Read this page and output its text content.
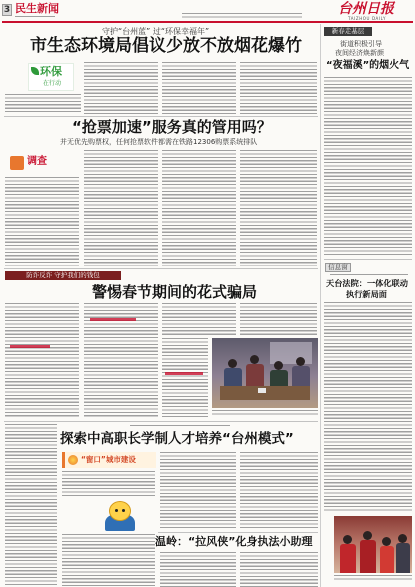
3 民生新闻	台州日报
TAIZHOU DAILY
守护“台州蓝” 过“环保幸福年”
市生态环境局倡议少放不放烟花爆竹
环保
在行动
“抢票加速”服务真的管用吗？
并无优先购票权，任何抢票软件都需在铁路12306购票系统排队
调查
防诈反诈 守护我们的钱包
警惕春节期间的花式骗局
探索中高职长学制人才培养“台州模式”
“窗口”城市建设
温岭：“拉风侠”化身执法小助理
新春走基层
街道积极引导
夜间经济焕新颜
“夜福溪”的烟火气
信息窗
天台法院：一体化联动
执行新局面
